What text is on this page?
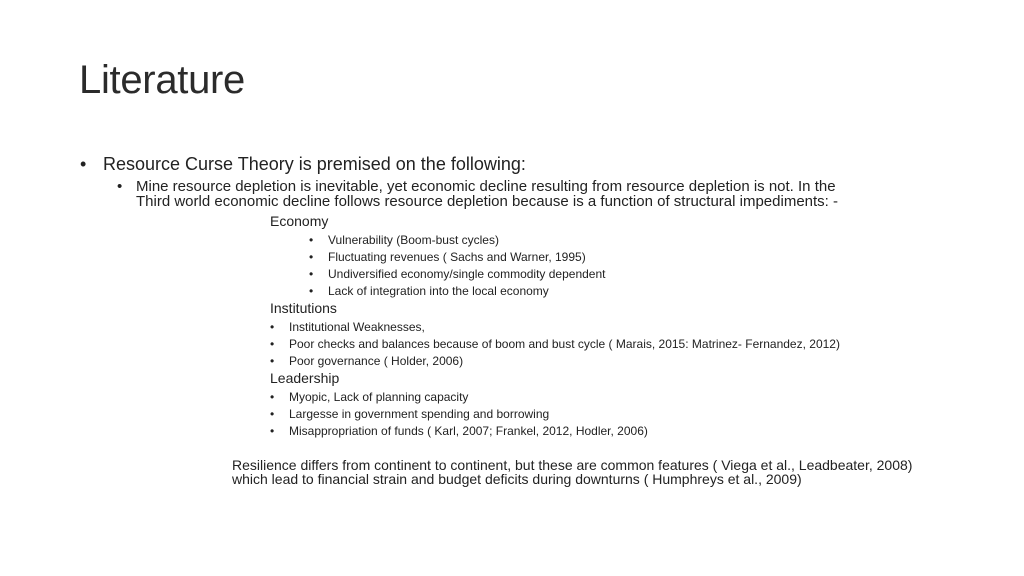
Literature
• Resource Curse Theory is premised on the following:
• Mine resource depletion is inevitable, yet economic decline resulting from resource depletion is not. In the
Third world economic decline follows resource depletion because is a function of structural impediments: -
Economy
• Vulnerability (Boom-bust cycles)
• Fluctuating revenues ( Sachs and Warner, 1995)
• Undiversified economy/single commodity dependent
• Lack of integration into the local economy
Institutions
• Institutional Weaknesses,
• Poor checks and balances because of boom and bust cycle ( Marais, 2015: Matrinez- Fernandez, 2012)
• Poor governance ( Holder, 2006)
Leadership
• Myopic, Lack of planning capacity
• Largesse in government spending and borrowing
• Misappropriation of funds ( Karl, 2007; Frankel, 2012, Hodler, 2006)
Resilience differs from continent to continent, but these are common features ( Viega et al., Leadbeater, 2008)
which lead to financial strain and budget deficits during downturns ( Humphreys et al., 2009)
